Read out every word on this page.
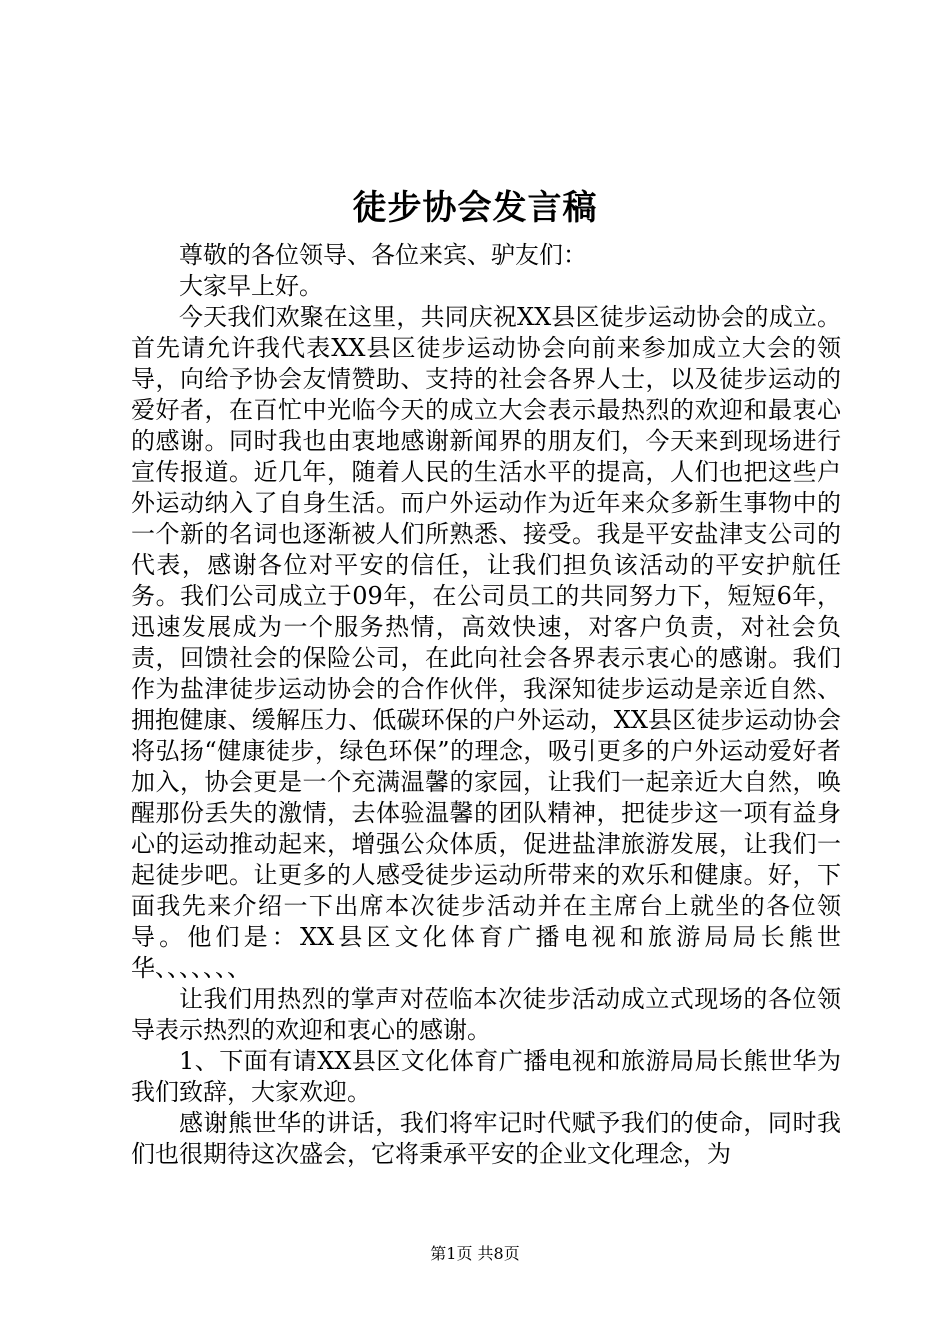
徒步协会发言稿

尊敬的各位领导、各位来宾、驴友们：

大家早上好。

今天我们欢聚在这里，共同庆祝XX县区徒步运动协会的成立。首先请允许我代表XX县区徒步运动协会向前来参加成立大会的领导，向给予协会友情赞助、支持的社会各界人士，以及徒步运动的爱好者，在百忙中光临今天的成立大会表示最热烈的欢迎和最衷心的感谢。同时我也由衷地感谢新闻界的朋友们，今天来到现场进行宣传报道。近几年，随着人民的生活水平的提高，人们也把这些户外运动纳入了自身生活。而户外运动作为近年来众多新生事物中的一个新的名词也逐渐被人们所熟悉、接受。我是平安盐津支公司的代表，感谢各位对平安的信任，让我们担负该活动的平安护航任务。我们公司成立于09年，在公司员工的共同努力下，短短6年，迅速发展成为一个服务热情，高效快速，对客户负责，对社会负责，回馈社会的保险公司，在此向社会各界表示衷心的感谢。我们作为盐津徒步运动协会的合作伙伴，我深知徒步运动是亲近自然、拥抱健康、缓解压力、低碳环保的户外运动，XX县区徒步运动协会将弘扬“健康徒步，绿色环保”的理念，吸引更多的户外运动爱好者加入，协会更是一个充满温馨的家园，让我们一起亲近大自然，唤醒那份丢失的激情，去体验温馨的团队精神，把徒步这一项有益身心的运动推动起来，增强公众体质，促进盐津旅游发展，让我们一起徒步吧。让更多的人感受徒步运动所带来的欢乐和健康。好，下面我先来介绍一下出席本次徒步活动并在主席台上就坐的各位领导。他们是：XX县区文化体育广播电视和旅游局局长熊世华、、、、、、、

让我们用热烈的掌声对莅临本次徒步活动成立式现场的各位领导表示热烈的欢迎和衷心的感谢。

1、下面有请XX县区文化体育广播电视和旅游局局长熊世华为我们致辞，大家欢迎。

感谢熊世华的讲话，我们将牢记时代赋予我们的使命，同时我们也很期待这次盛会，它将秉承平安的企业文化理念，为

第1页 共8页
